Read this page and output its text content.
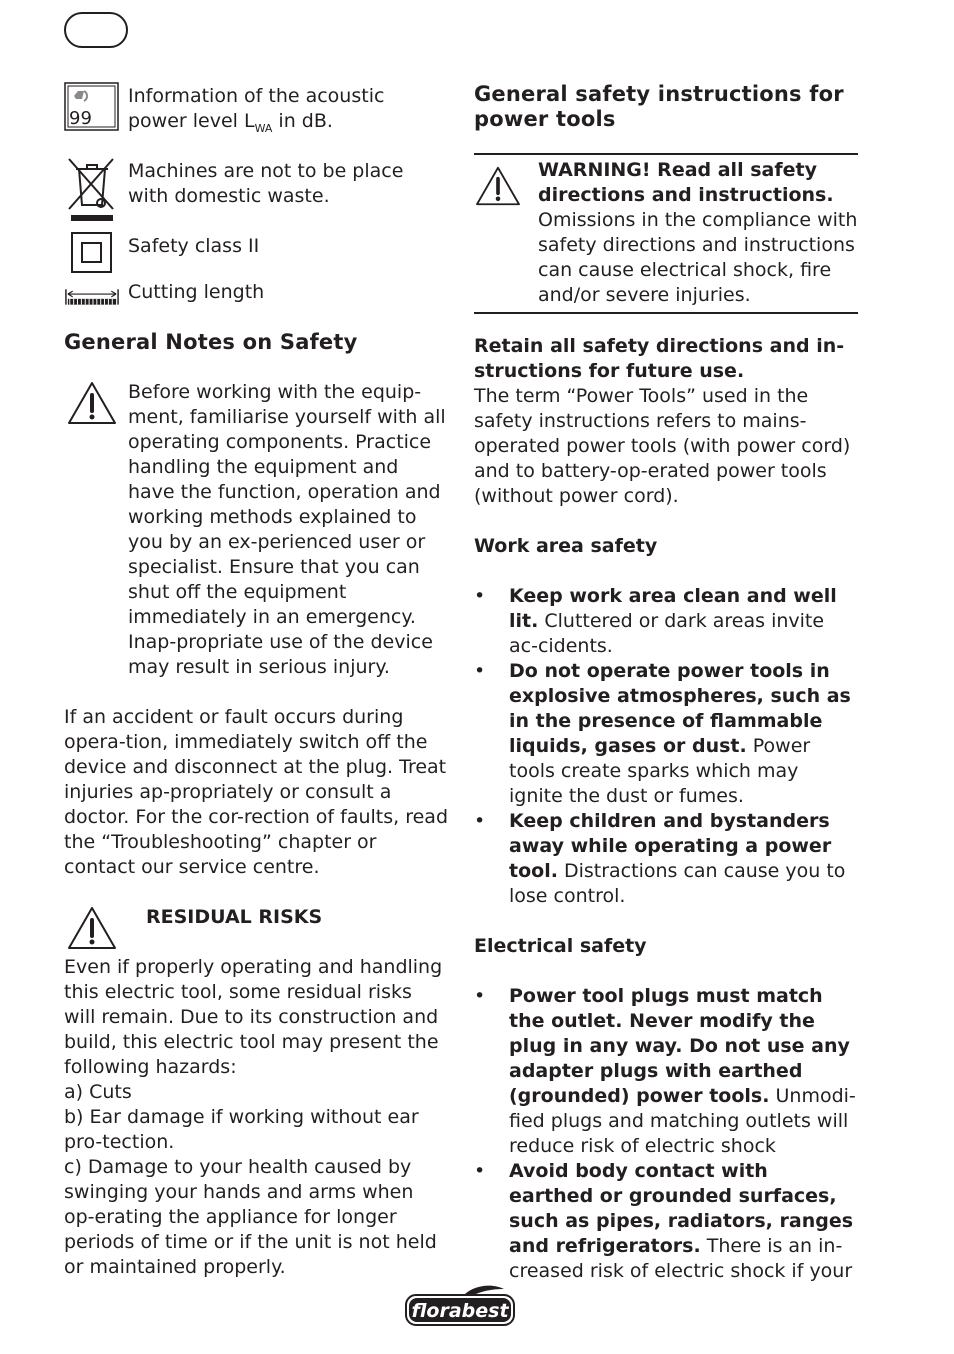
99
Information of the acoustic power level $L_{WA}$ in dB.
Machines are not to be place with domestic waste.
Safety class II
Cutting length
General Notes on Safety

Before working with the equip-ment, familiarise yourself with all operating components. Practice handling the equipment and have the function, operation and working methods explained to you by an ex-perienced user or specialist. Ensure that you can shut off the equipment immediately in an emergency. Inap-propriate use of the device may result in serious injury.

If an accident or fault occurs during opera-tion, immediately switch off the device and disconnect at the plug. Treat injuries ap-propriately or consult a doctor. For the cor-rection of faults, read the “Troubleshooting” chapter or contact our service centre.

RESIDUAL RISKS

Even if properly operating and handling this electric tool, some residual risks will remain. Due to its construction and build, this electric tool may present the following hazards:

a) Cuts

b) Ear damage if working without ear pro-tection.

c) Damage to your health caused by swinging your hands and arms when op-erating the appliance for longer periods of time or if the unit is not held or maintained properly.

General safety instructions for power tools
WARNING! Read all safety directions and instructions.
Omissions in the compliance with safety directions and instructions can cause electrical shock, fire and/or severe injuries.
Retain all safety directions and in-structions for future use.

The term “Power Tools” used in the safety instructions refers to mains-operated power tools (with power cord) and to battery-op-erated power tools (without power cord).

Work area safety
• Keep work area clean and well lit. Cluttered or dark areas invite ac-cidents.
• Do not operate power tools in explosive atmospheres, such as in the presence of flammable liquids, gases or dust. Power tools create sparks which may ignite the dust or fumes.
• Keep children and bystanders away while operating a power tool. Distractions can cause you to lose control.
Electrical safety
• Power tool plugs must match the outlet. Never modify the plug in any way. Do not use any adapter plugs with earthed (grounded) power tools. Unmodi-fied plugs and matching outlets will reduce risk of electric shock
• Avoid body contact with earthed or grounded surfaces, such as pipes, radiators, ranges and refrigerators. There is an in-creased risk of electric shock if your
florabest
